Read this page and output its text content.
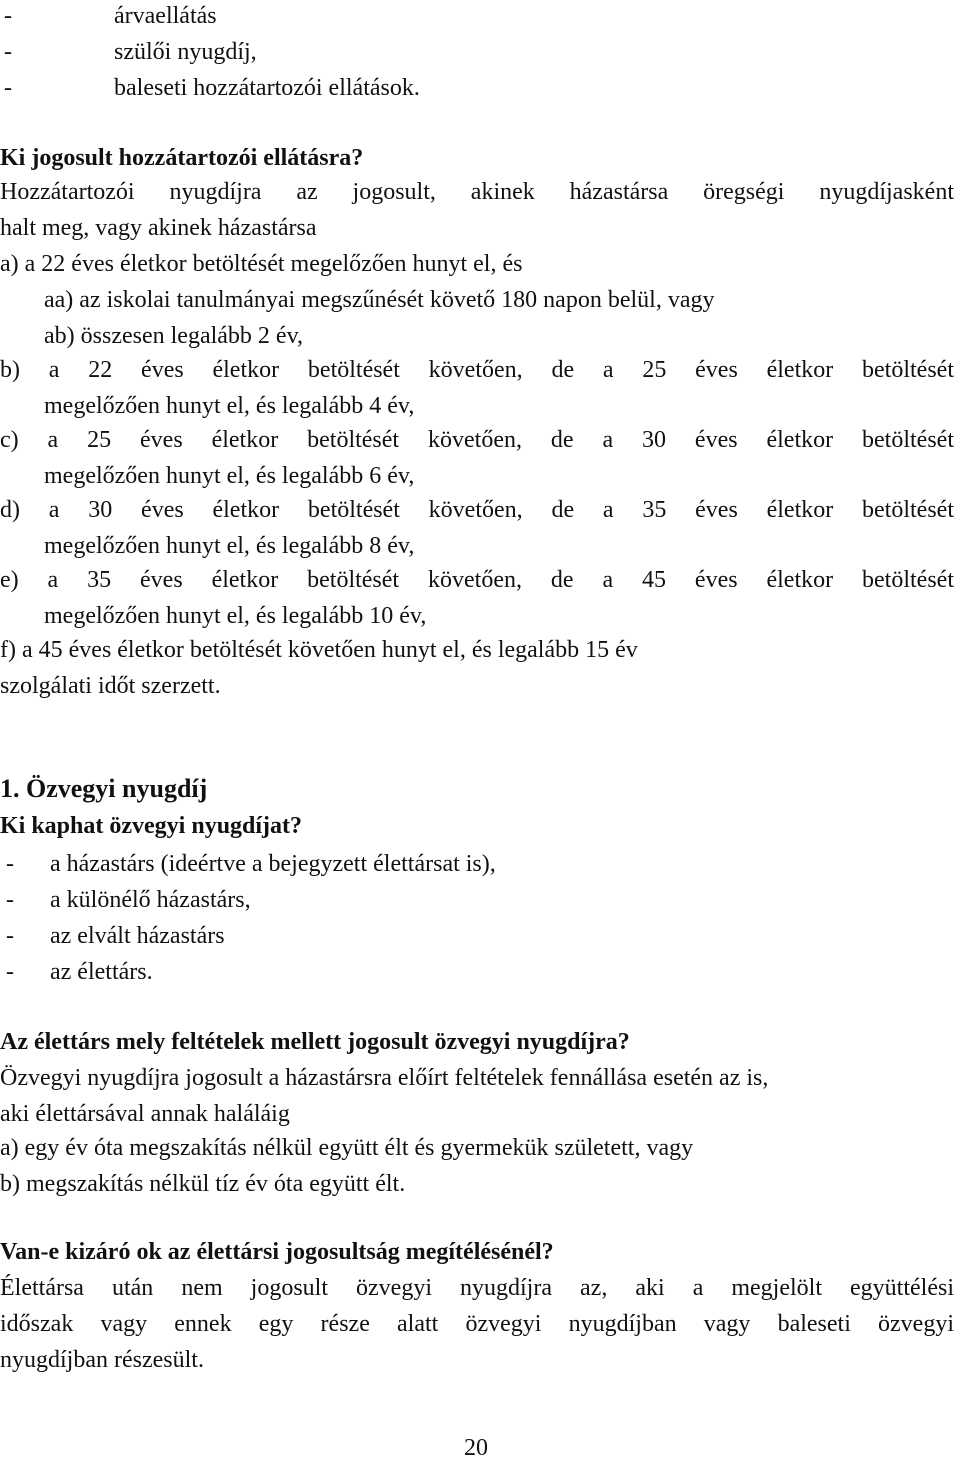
-	árvaellátás
-	szülői nyugdíj,
-	baleseti hozzátartozói ellátások.
Ki jogosult hozzátartozói ellátásra?
Hozzátartozói nyugdíjra az jogosult, akinek házastársa öregségi nyugdíjasként
halt meg, vagy akinek házastársa
a) a 22 éves életkor betöltését megelőzően hunyt el, és
aa) az iskolai tanulmányai megszűnését követő 180 napon belül, vagy
ab) összesen legalább 2 év,
b) a 22 éves életkor betöltését követően, de a 25 éves életkor betöltését
megelőzően hunyt el, és legalább 4 év,
c) a 25 éves életkor betöltését követően, de a 30 éves életkor betöltését
megelőzően hunyt el, és legalább 6 év,
d) a 30 éves életkor betöltését követően, de a 35 éves életkor betöltését
megelőzően hunyt el, és legalább 8 év,
e) a 35 éves életkor betöltését követően, de a 45 éves életkor betöltését
megelőzően hunyt el, és legalább 10 év,
f) a 45 éves életkor betöltését követően hunyt el, és legalább 15 év
szolgálati időt szerzett.
1. Özvegyi nyugdíj
Ki kaphat özvegyi nyugdíjat?
- a házastárs (ideértve a bejegyzett élettársat is),
- a különélő házastárs,
- az elvált házastárs
- az élettárs.
Az élettárs mely feltételek mellett jogosult özvegyi nyugdíjra?
Özvegyi nyugdíjra jogosult a házastársra előírt feltételek fennállása esetén az is,
aki élettársával annak haláláig
a) egy év óta megszakítás nélkül együtt élt és gyermekük született, vagy
b) megszakítás nélkül tíz év óta együtt élt.
Van-e kizáró ok az élettársi jogosultság megítélésénél?
Élettársa után nem jogosult özvegyi nyugdíjra az, aki a megjelölt együttélési
időszak vagy ennek egy része alatt özvegyi nyugdíjban vagy baleseti özvegyi
nyugdíjban részesült.
20
